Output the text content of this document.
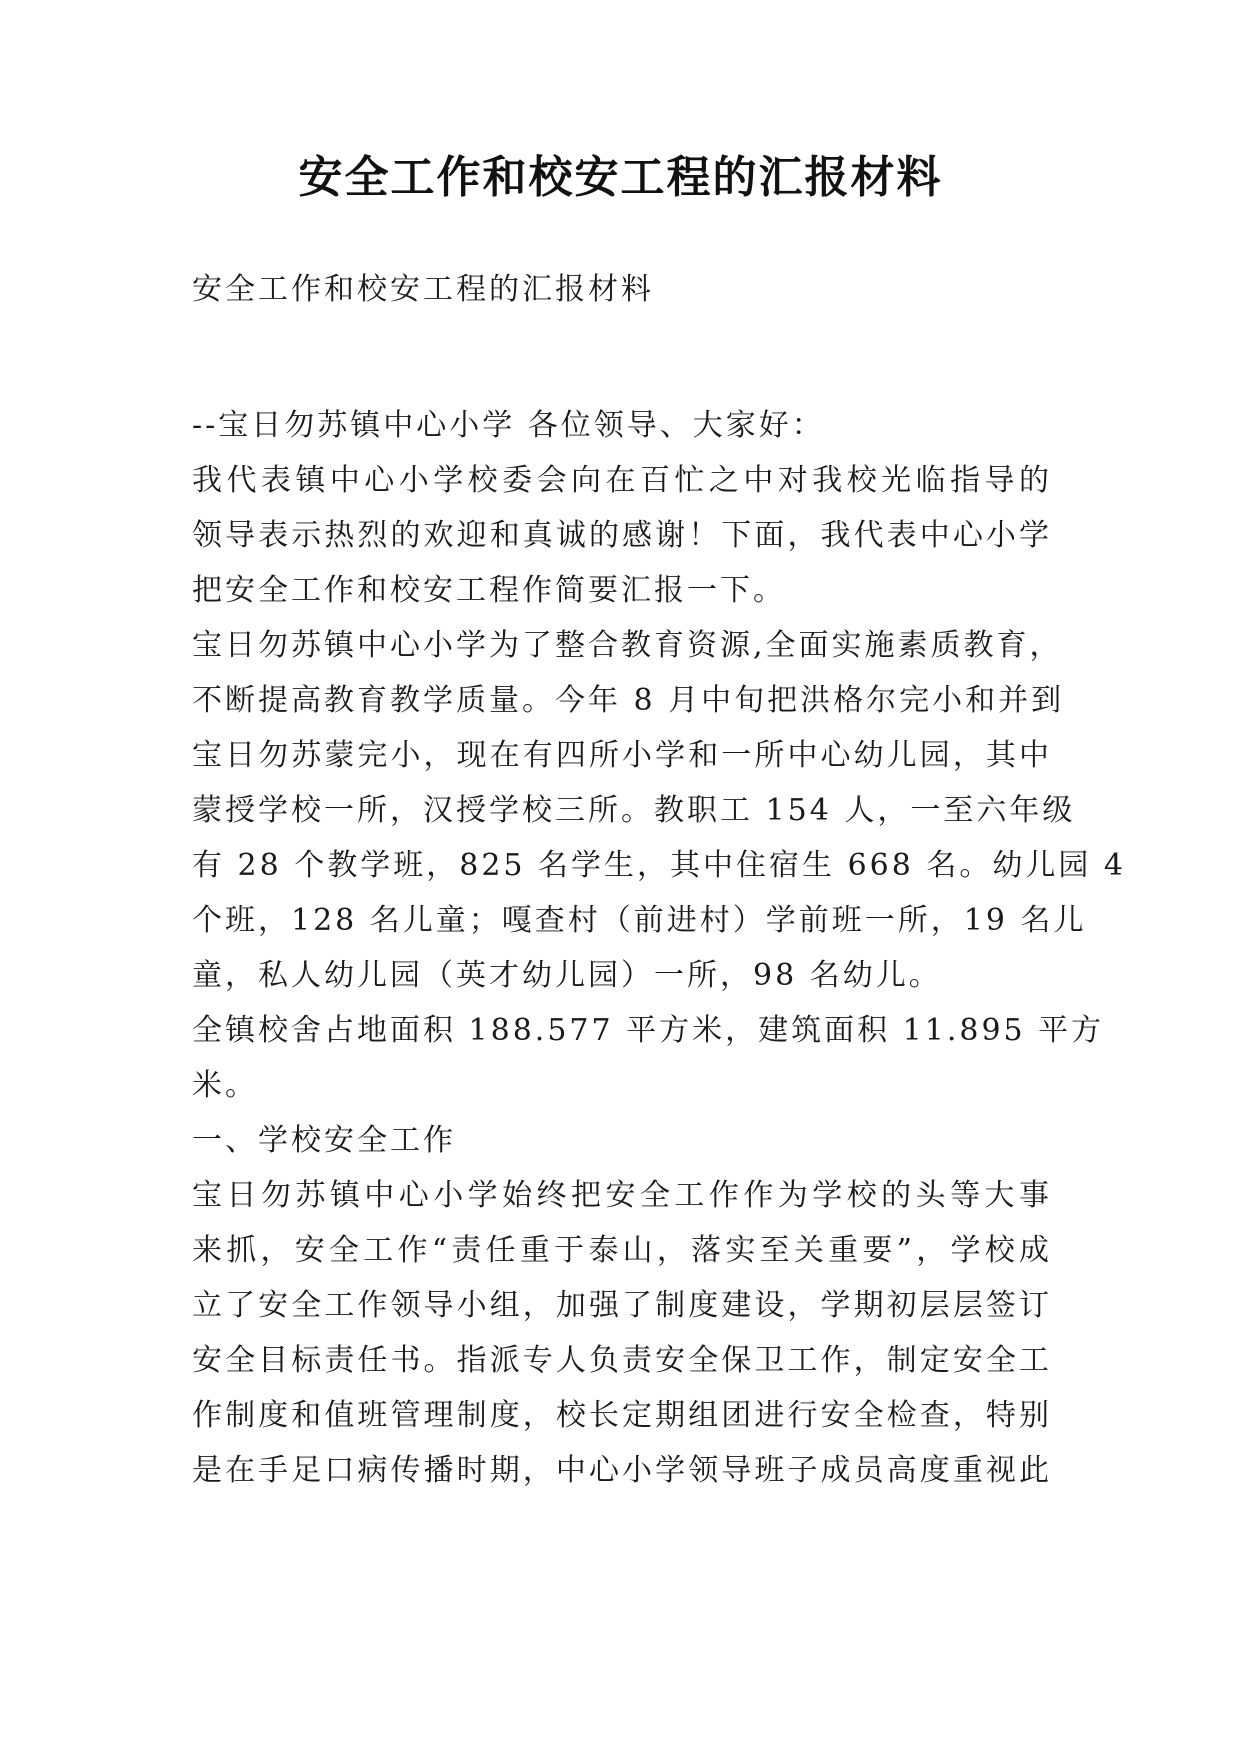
安全工作和校安工程的汇报材料
安全工作和校安工程的汇报材料
--宝日勿苏镇中心小学 各位领导、大家好：
我代表镇中心小学校委会向在百忙之中对我校光临指导的
领导表示热烈的欢迎和真诚的感谢！下面，我代表中心小学
把安全工作和校安工程作简要汇报一下。
宝日勿苏镇中心小学为了整合教育资源,全面实施素质教育，
不断提高教育教学质量。今年 8 月中旬把洪格尔完小和并到
宝日勿苏蒙完小，现在有四所小学和一所中心幼儿园，其中
蒙授学校一所，汉授学校三所。教职工 154 人，一至六年级
有 28 个教学班，825 名学生，其中住宿生 668 名。幼儿园 4
个班，128 名儿童；嘎查村（前进村）学前班一所，19 名儿
童，私人幼儿园（英才幼儿园）一所，98 名幼儿。
全镇校舍占地面积 188.577 平方米，建筑面积 11.895 平方
米。
一、学校安全工作
宝日勿苏镇中心小学始终把安全工作作为学校的头等大事
来抓，安全工作“责任重于泰山，落实至关重要”，学校成
立了安全工作领导小组，加强了制度建设，学期初层层签订
安全目标责任书。指派专人负责安全保卫工作，制定安全工
作制度和值班管理制度，校长定期组团进行安全检查，特别
是在手足口病传播时期，中心小学领导班子成员高度重视此
